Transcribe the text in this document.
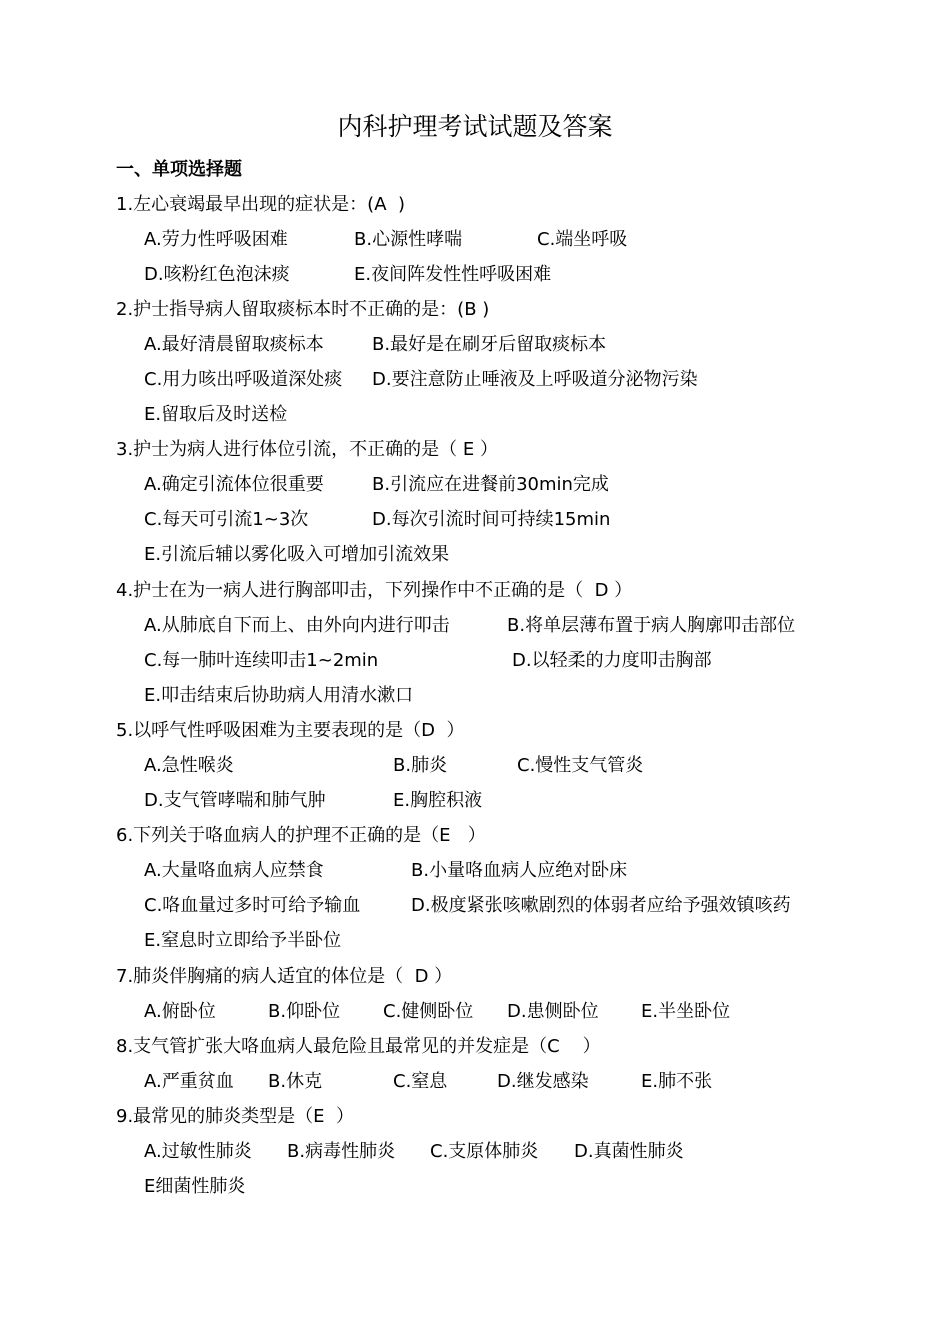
内科护理考试试题及答案
一、单项选择题
1.左心衰竭最早出现的症状是：(A  )
A.劳力性呼吸困难	B.心源性哮喘	C.端坐呼吸
D.咳粉红色泡沫痰	E.夜间阵发性性呼吸困难
2.护士指导病人留取痰标本时不正确的是：(B )
A.最好清晨留取痰标本	B.最好是在刷牙后留取痰标本
C.用力咳出呼吸道深处痰 D.要注意防止唾液及上呼吸道分泌物污染
E.留取后及时送检
3.护士为病人进行体位引流，不正确的是（ E ）
A.确定引流体位很重要	B.引流应在进餐前30min完成
C.每天可引流1~3次	D.每次引流时间可持续15min
E.引流后辅以雾化吸入可增加引流效果
4.护士在为一病人进行胸部叩击，下列操作中不正确的是（  D ）
A.从肺底自下而上、由外向内进行叩击	B.将单层薄布置于病人胸廓叩击部位
C.每一肺叶连续叩击1~2min	D.以轻柔的力度叩击胸部
E.叩击结束后协助病人用清水漱口
5.以呼气性呼吸困难为主要表现的是（D  ）
A.急性喉炎	B.肺炎	C.慢性支气管炎
D.支气管哮喘和肺气肿	E.胸腔积液
6.下列关于咯血病人的护理不正确的是（E   ）
A.大量咯血病人应禁食	B.小量咯血病人应绝对卧床
C.咯血量过多时可给予输血	D.极度紧张咳嗽剧烈的体弱者应给予强效镇咳药
E.窒息时立即给予半卧位
7.肺炎伴胸痛的病人适宜的体位是（  D ）
A.俯卧位	B.仰卧位 C.健侧卧位 D.患侧卧位 E.半坐卧位
8.支气管扩张大咯血病人最危险且最常见的并发症是（C    ）
A.严重贫血 B.休克	C.窒息	D.继发感染	E.肺不张
9.最常见的肺炎类型是（E  ）
A.过敏性肺炎 B.病毒性肺炎 C.支原体肺炎 D.真菌性肺炎
E细菌性肺炎
